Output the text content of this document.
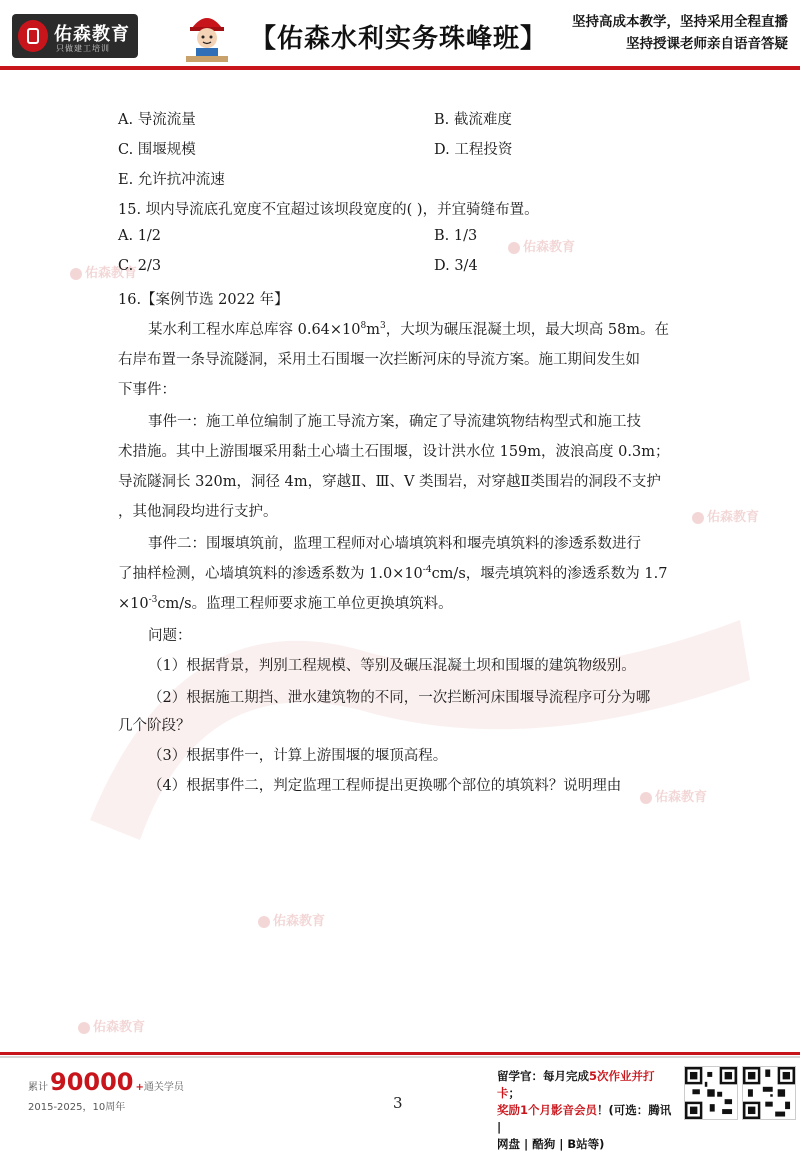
佑森教育
只做建工培训	【佑森水利实务珠峰班】
坚持高成本教学，坚持采用全程直播
坚持授课老师亲自语音答疑
佑森教育
佑森教育
佑森教育
佑森教育
佑森教育
佑森教育
A. 导流流量	B. 截流难度
C. 围堰规模	D. 工程投资
E. 允许抗冲流速
15. 坝内导流底孔宽度不宜超过该坝段宽度的( )，并宜骑缝布置。
A. 1/2	B. 1/3
C. 2/3	D. 3/4
16.【案例节选 2022 年】
某水利工程水库总库容 $0.64\times 10^8m^3$，大坝为碾压混凝土坝，最大坝高 58m。在
右岸布置一条导流隧洞，采用土石围堰一次拦断河床的导流方案。施工期间发生如
下事件：
事件一：施工单位编制了施工导流方案，确定了导流建筑物结构型式和施工技
术措施。其中上游围堰采用黏土心墙土石围堰，设计洪水位 159m，波浪高度 0.3m；
导流隧洞长 320m，洞径 4m，穿越Ⅱ、Ⅲ、Ⅴ 类围岩，对穿越Ⅱ类围岩的洞段不支护
，其他洞段均进行支护。
事件二：围堰填筑前，监理工程师对心墙填筑料和堰壳填筑料的渗透系数进行
了抽样检测，心墙填筑料的渗透系数为 $1.0\times 10^{-4}cm/s$，堰壳填筑料的渗透系数为 1.7
$\times 10^{-3}cm/s$。监理工程师要求施工单位更换填筑料。
问题：
（1）根据背景，判别工程规模、等别及碾压混凝土坝和围堰的建筑物级别。
（2）根据施工期挡、泄水建筑物的不同，一次拦断河床围堰导流程序可分为哪
几个阶段？
（3）根据事件一，计算上游围堰的堰顶高程。
（4）根据事件二，判定监理工程师提出更换哪个部位的填筑料？说明理由
累计 90000 + 通关学员
2015-2025，10周年	3
留学官：每月完成5次作业并打卡；
奖励1个月影音会员！(可选：腾讯 |
网盘 | 酷狗 | B站等)
